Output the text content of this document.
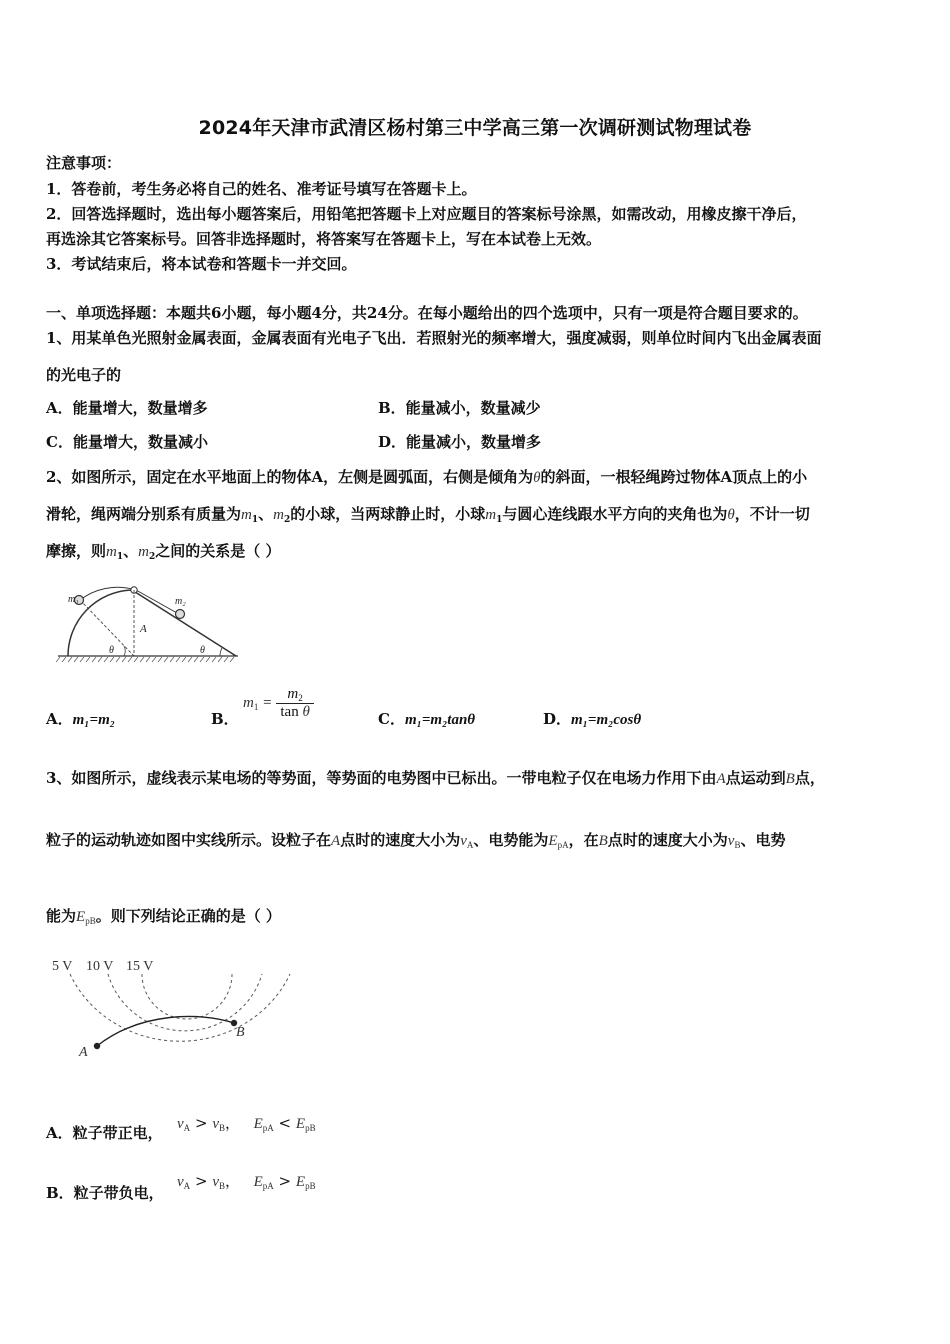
2024年天津市武清区杨村第三中学高三第一次调研测试物理试卷
注意事项：
1．答卷前，考生务必将自己的姓名、准考证号填写在答题卡上。
2．回答选择题时，选出每小题答案后，用铅笔把答题卡上对应题目的答案标号涂黑，如需改动，用橡皮擦干净后，
再选涂其它答案标号。回答非选择题时，将答案写在答题卡上，写在本试卷上无效。
3．考试结束后，将本试卷和答题卡一并交回。
一、单项选择题：本题共6小题，每小题4分，共24分。在每小题给出的四个选项中，只有一项是符合题目要求的。
1、用某单色光照射金属表面，金属表面有光电子飞出．若照射光的频率增大，强度减弱，则单位时间内飞出金属表面
的光电子的
A．能量增大，数量增多	B．能量减小，数量减少
C．能量增大，数量减小	D．能量减小，数量增多
2、如图所示，固定在水平地面上的物体A，左侧是圆弧面，右侧是倾角为θ的斜面，一根轻绳跨过物体A顶点上的小
滑轮，绳两端分别系有质量为$m_1$、$m_2$的小球，当两球静止时，小球$m_1$与圆心连线跟水平方向的夹角也为θ，不计一切
摩擦，则$m_1$、$m_2$之间的关系是（ ）
m₁	m₂
A
θ	θ
A．m₁=m₂	B．
$m_1 = \frac{m_2}{\text{tan θ}}$	C．m₁=m₂tanθ	D．m₁=m₂cosθ
3、如图所示，虚线表示某电场的等势面，等势面的电势图中已标出。一带电粒子仅在电场力作用下由A点运动到B点，
粒子的运动轨迹如图中实线所示。设粒子在A点时的速度大小为$v_A$、电势能为$E_{pA}$，在B点时的速度大小为$v_B$、电势
能为$E_{pB}$。则下列结论正确的是（ ）
5 V 10 V 15 V
A
B
A．粒子带正电， $v_A > v_B$， $E_{pA} < E_{pB}$
B．粒子带负电，
$v_A > v_B$， $E_{pA} > E_{pB}$
